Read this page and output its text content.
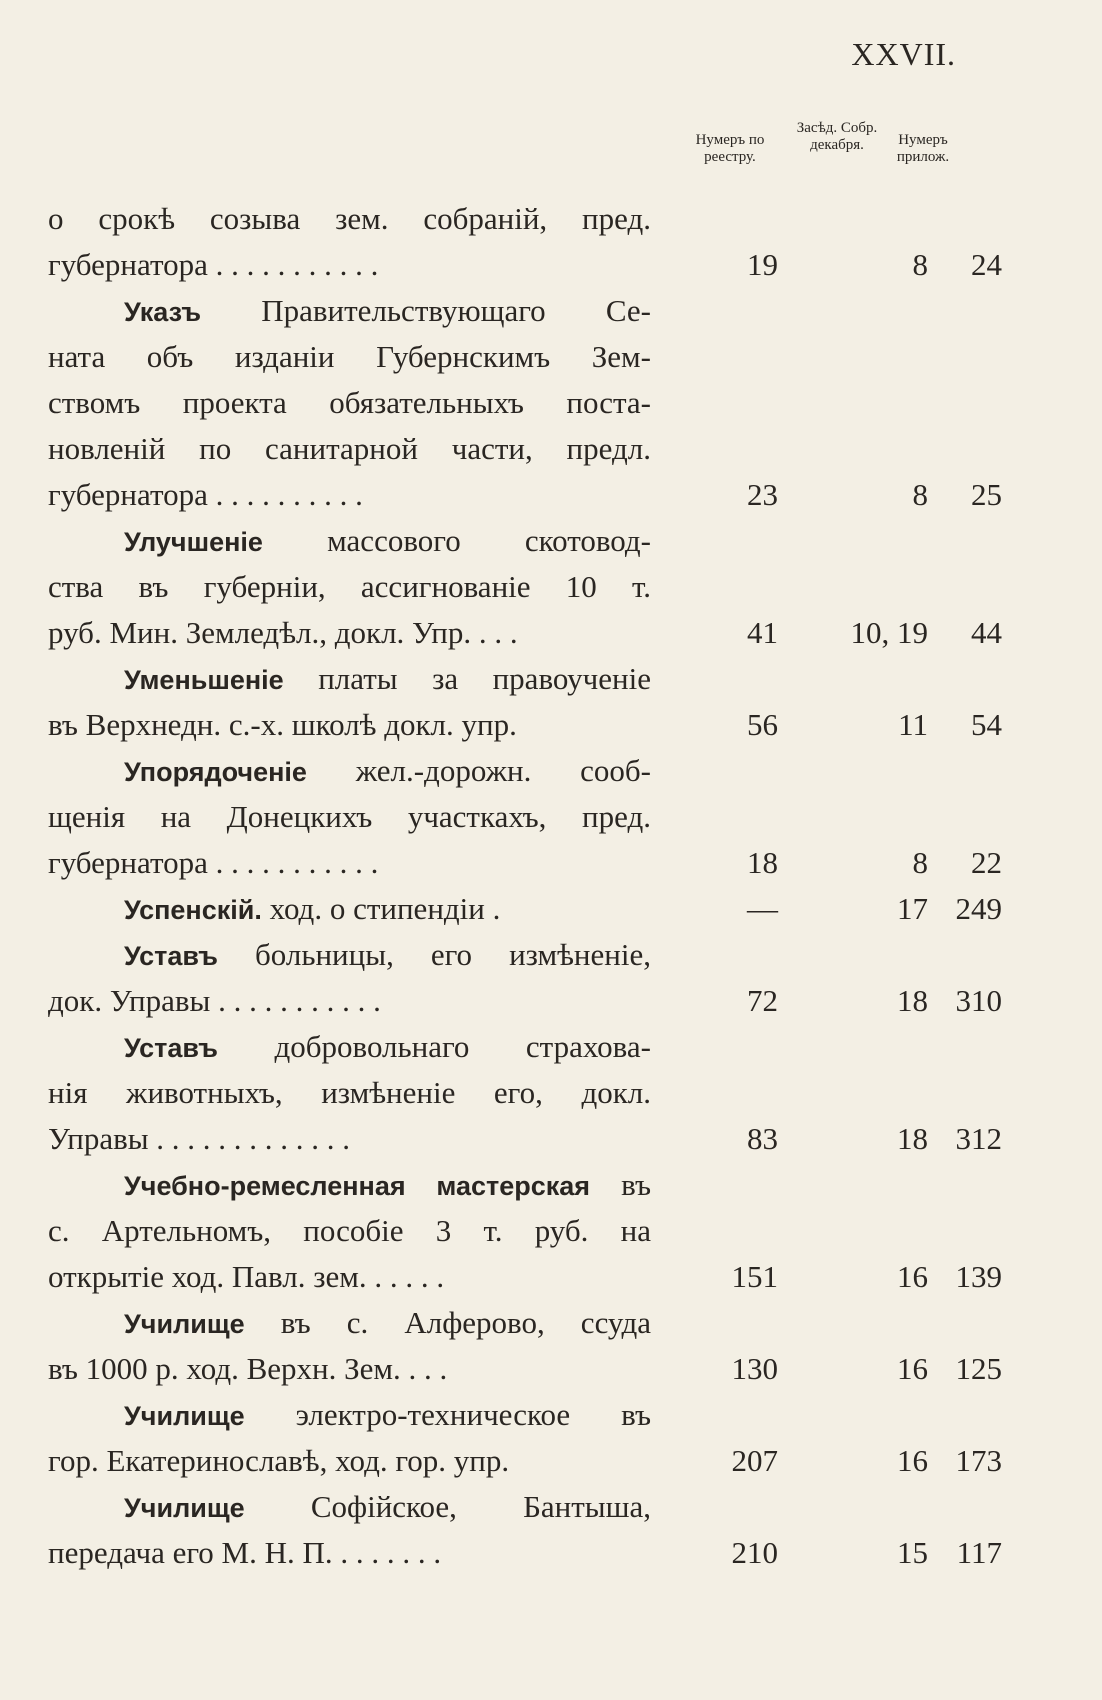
XXVII.
Нумеръ по реестру.
Засѣд. Собр. декабря.	Нумеръ прилож.
о срокѣ созыва зем. собраній, пред.
губернатора . . . . . . . . . . .	19	8	24
Указъ Правительствующаго Се-
ната объ изданіи Губернскимъ Зем-
ствомъ проекта обязательныхъ поста-
новленій по санитарной части, предл.
губернатора . . . . . . . . . .	23	8	25
Улучшеніе массового скотовод-
ства въ губерніи, ассигнованіе 10 т.
руб. Мин. Земледѣл., докл. Упр. . . .	41	10, 19	44
Уменьшеніе платы за правоученіе
въ Верхнедн. с.-х. школѣ докл. упр.	56	11	54
Упорядоченіе жел.-дорожн. сооб-
щенія на Донецкихъ участкахъ, пред.
губернатора . . . . . . . . . . .	18	8	22
Успенскій. ход. о стипендіи .	—	17 249
Уставъ больницы, его измѣненіе,
док. Управы . . . . . . . . . . .	72	18 310
Уставъ добровольнаго страхова-
нія животныхъ, измѣненіе его, докл.
Управы . . . . . . . . . . . . .	83	18 312
Учебно-ремесленная мастерская въ
с. Артельномъ, пособіе 3 т. руб. на
открытіе ход. Павл. зем. . . . . .	151	16 139
Училище въ с. Алферово, ссуда
въ 1000 р. ход. Верхн. Зем. . . .	130	16 125
Училище электро-техническое въ
гор. Екатеринославѣ, ход. гор. упр.	207	16 173
Училище Софійское, Бантыша,
передача его М. Н. П. . . . . . . .	210	15 117
